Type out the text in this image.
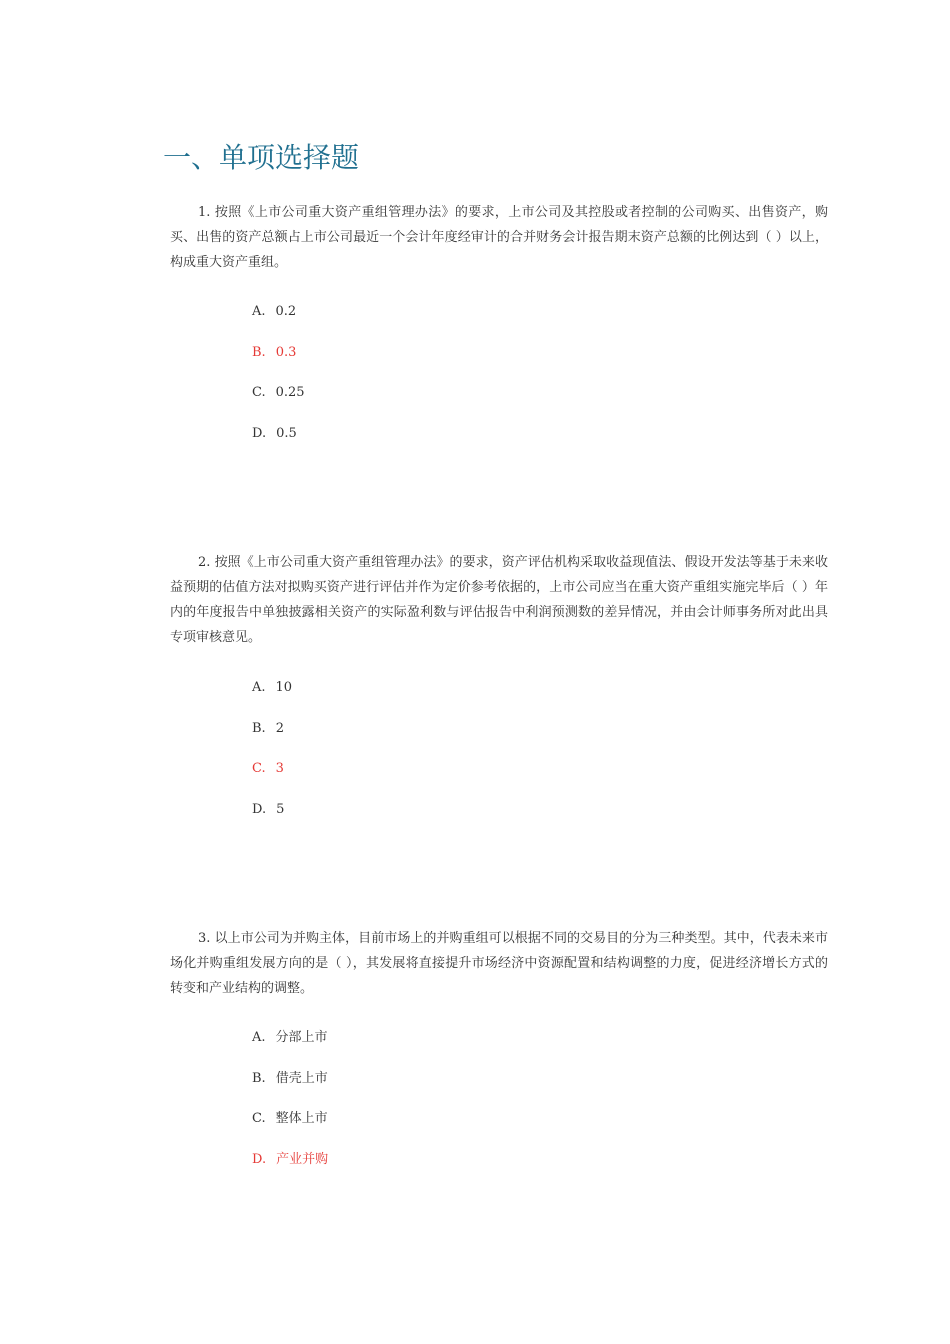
一、单项选择题

1. 按照《上市公司重大资产重组管理办法》的要求，上市公司及其控股或者控制的公司购买、出售资产，购买、出售的资产总额占上市公司最近一个会计年度经审计的合并财务会计报告期末资产总额的比例达到（ ）以上，构成重大资产重组。

A. 0.2
B. 0.3
C. 0.25
D. 0.5

2. 按照《上市公司重大资产重组管理办法》的要求，资产评估机构采取收益现值法、假设开发法等基于未来收益预期的估值方法对拟购买资产进行评估并作为定价参考依据的，上市公司应当在重大资产重组实施完毕后（ ）年内的年度报告中单独披露相关资产的实际盈利数与评估报告中利润预测数的差异情况，并由会计师事务所对此出具专项审核意见。

A. 10
B. 2
C. 3
D. 5

3. 以上市公司为并购主体，目前市场上的并购重组可以根据不同的交易目的分为三种类型。其中，代表未来市场化并购重组发展方向的是（ ），其发展将直接提升市场经济中资源配置和结构调整的力度，促进经济增长方式的转变和产业结构的调整。

A. 分部上市
B. 借壳上市
C. 整体上市
D. 产业并购
